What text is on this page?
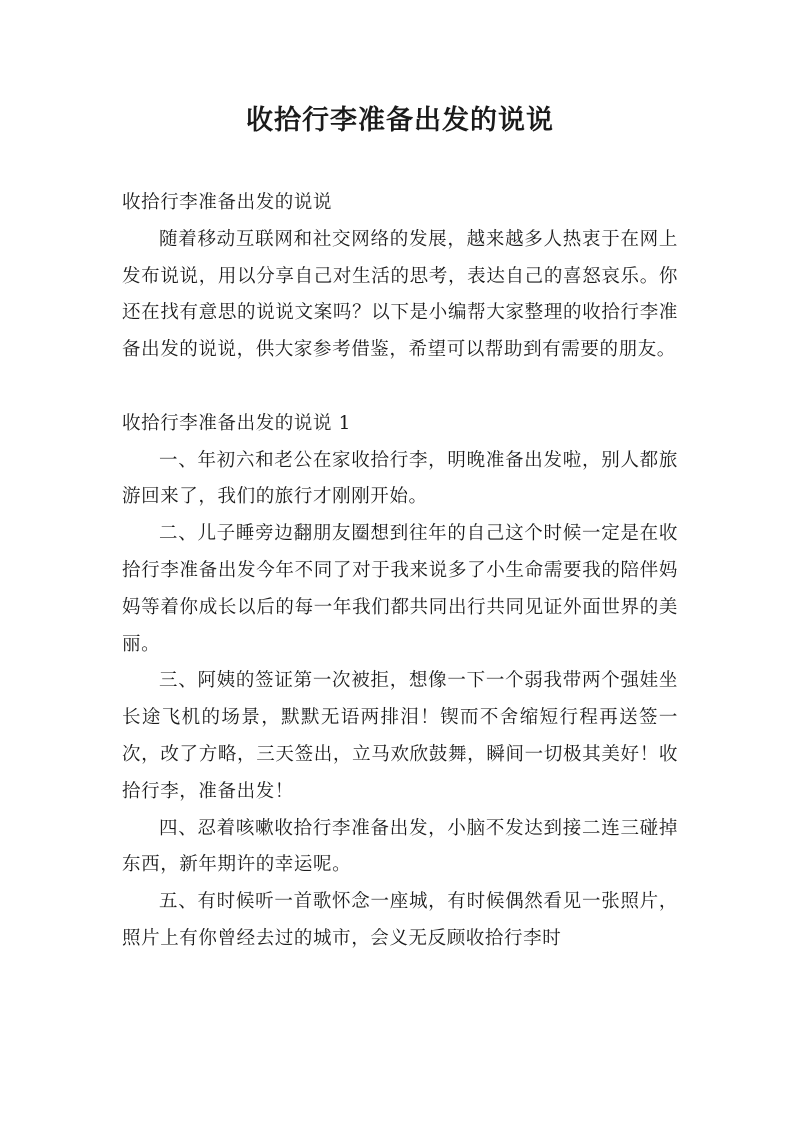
收拾行李准备出发的说说

收拾行李准备出发的说说

随着移动互联网和社交网络的发展，越来越多人热衷于在网上发布说说，用以分享自己对生活的思考，表达自己的喜怒哀乐。你还在找有意思的说说文案吗？以下是小编帮大家整理的收拾行李准备出发的说说，供大家参考借鉴，希望可以帮助到有需要的朋友。

收拾行李准备出发的说说 1

一、年初六和老公在家收拾行李，明晚准备出发啦，别人都旅游回来了，我们的旅行才刚刚开始。

二、儿子睡旁边翻朋友圈想到往年的自己这个时候一定是在收拾行李准备出发今年不同了对于我来说多了小生命需要我的陪伴妈妈等着你成长以后的每一年我们都共同出行共同见证外面世界的美丽。

三、阿姨的签证第一次被拒，想像一下一个弱我带两个强娃坐长途飞机的场景，默默无语两排泪！锲而不舍缩短行程再送签一次，改了方略，三天签出，立马欢欣鼓舞，瞬间一切极其美好！收拾行李，准备出发！

四、忍着咳嗽收拾行李准备出发，小脑不发达到接二连三碰掉东西，新年期许的幸运呢。

五、有时候听一首歌怀念一座城，有时候偶然看见一张照片，照片上有你曾经去过的城市，会义无反顾收拾行李时
